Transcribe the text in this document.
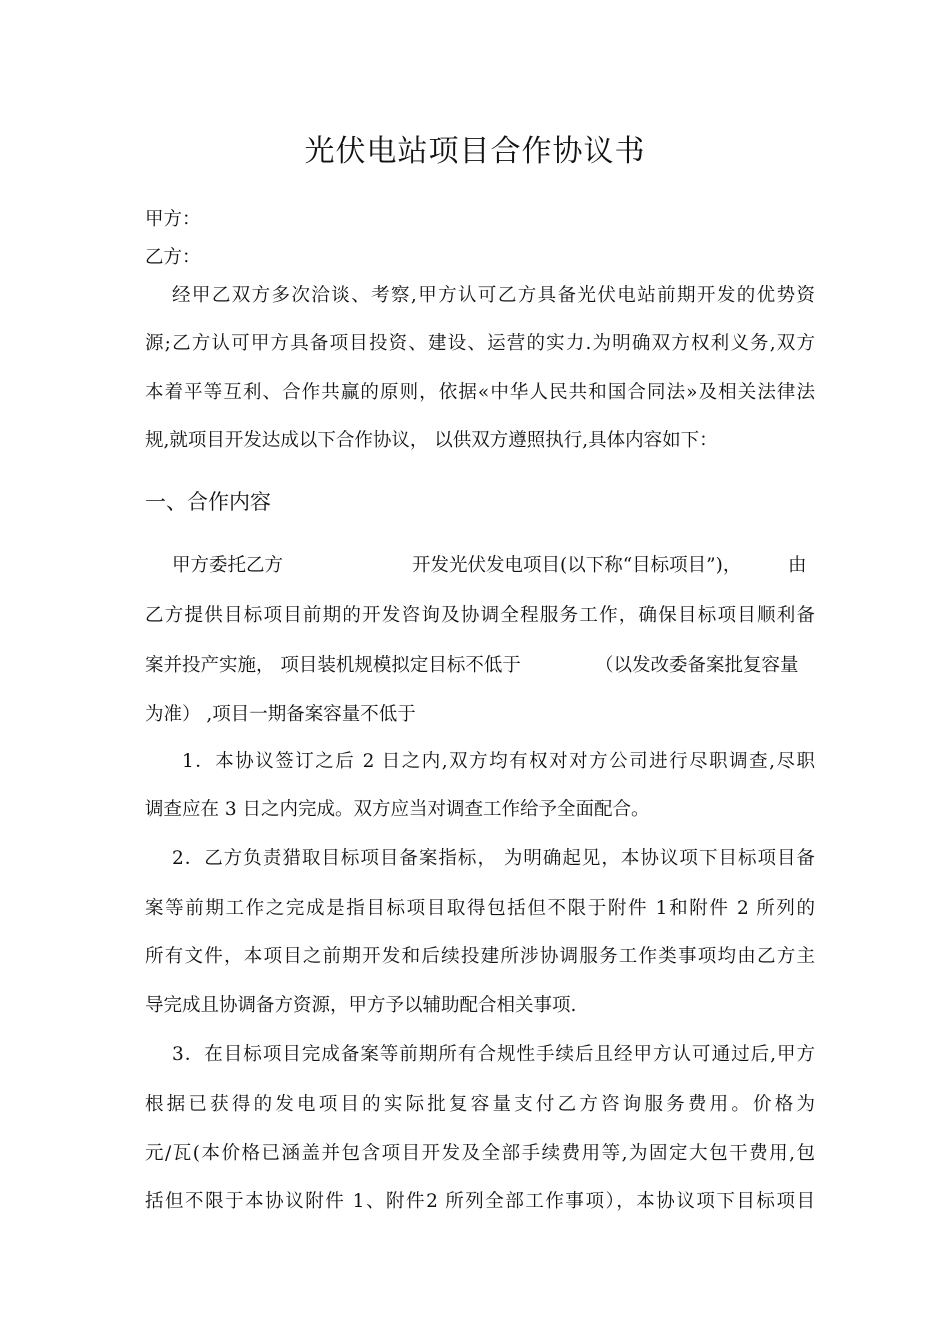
光伏电站项目合作协议书
甲方：
乙方：
经甲乙双方多次洽谈、考察,甲方认可乙方具备光伏电站前期开发的优势资
源;乙方认可甲方具备项目投资、建设、运营的实力.为明确双方权利义务,双方
本着平等互利、合作共赢的原则，依据«中华人民共和国合同法»及相关法律法
规,就项目开发达成以下合作协议， 以供双方遵照执行,具体内容如下：
一、合作内容
甲方委托乙方	开发光伏发电项目(以下称“目标项目”)，	由
乙方提供目标项目前期的开发咨询及协调全程服务工作，确保目标项目顺利备
案并投产实施， 项目装机规模拟定目标不低于	（以发改委备案批复容量
为准） ,项目一期备案容量不低于
1．本协议签订之后 2 日之内,双方均有权对对方公司进行尽职调查,尽职
调查应在 3 日之内完成。双方应当对调查工作给予全面配合。
2．乙方负责猎取目标项目备案指标， 为明确起见，本协议项下目标项目备
案等前期工作之完成是指目标项目取得包括但不限于附件 1和附件 2 所列的
所有文件，本项目之前期开发和后续投建所涉协调服务工作类事项均由乙方主
导完成且协调备方资源，甲方予以辅助配合相关事项.
3．在目标项目完成备案等前期所有合规性手续后且经甲方认可通过后,甲方
根据已获得的发电项目的实际批复容量支付乙方咨询服务费用。价格为
元/瓦(本价格已涵盖并包含项目开发及全部手续费用等,为固定大包干费用,包
括但不限于本协议附件 1、附件2 所列全部工作事项），本协议项下目标项目
